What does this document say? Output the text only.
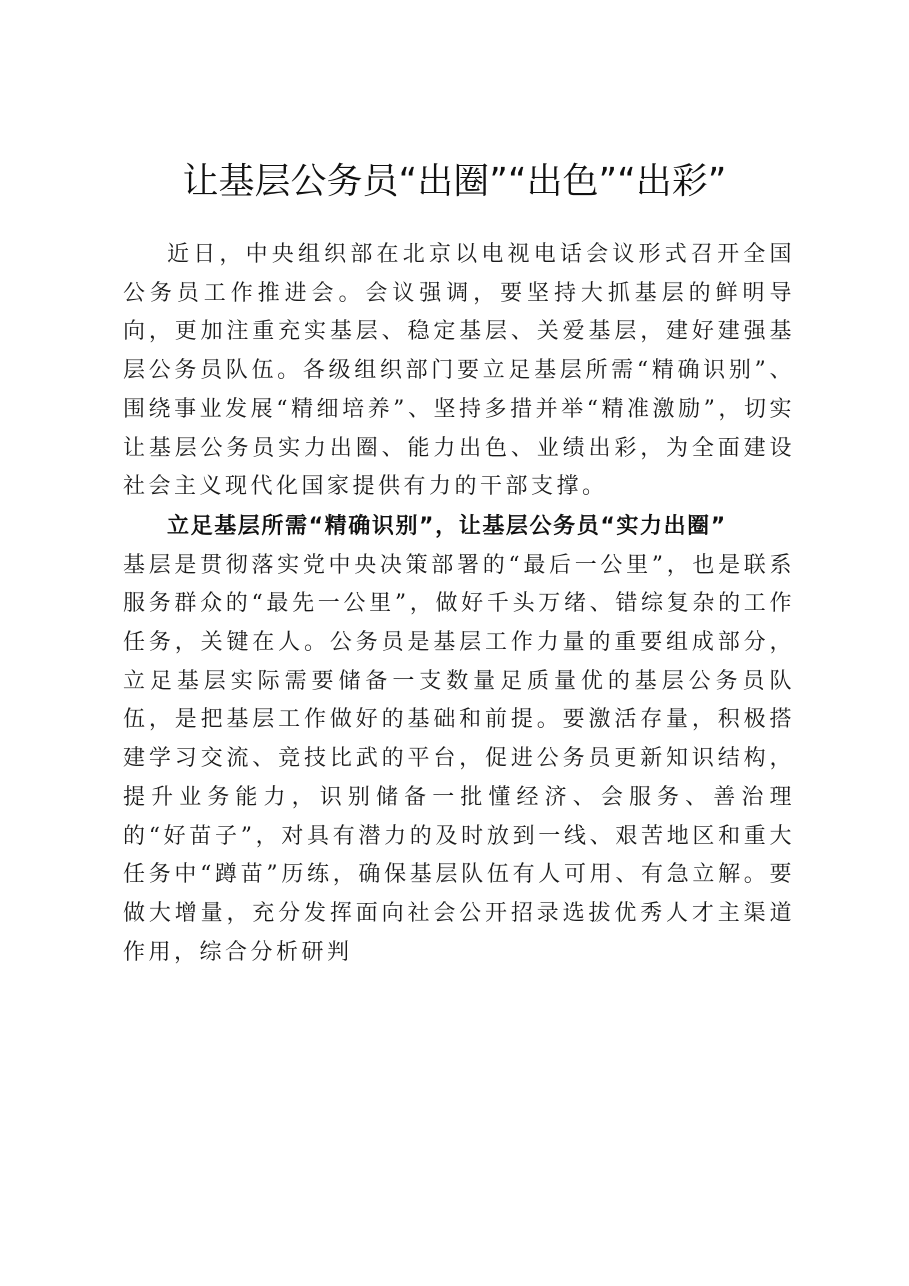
让基层公务员“出圈”“出色”“出彩”

近日，中央组织部在北京以电视电话会议形式召开全国公务员工作推进会。会议强调，要坚持大抓基层的鲜明导向，更加注重充实基层、稳定基层、关爱基层，建好建强基层公务员队伍。各级组织部门要立足基层所需“精确识别”、围绕事业发展“精细培养”、坚持多措并举“精准激励”，切实让基层公务员实力出圈、能力出色、业绩出彩，为全面建设社会主义现代化国家提供有力的干部支撑。

立足基层所需“精确识别”，让基层公务员“实力出圈”

基层是贯彻落实党中央决策部署的“最后一公里”，也是联系服务群众的“最先一公里”，做好千头万绪、错综复杂的工作任务，关键在人。公务员是基层工作力量的重要组成部分，立足基层实际需要储备一支数量足质量优的基层公务员队伍，是把基层工作做好的基础和前提。要激活存量，积极搭建学习交流、竞技比武的平台，促进公务员更新知识结构，提升业务能力，识别储备一批懂经济、会服务、善治理的“好苗子”，对具有潜力的及时放到一线、艰苦地区和重大任务中“蹲苗”历练，确保基层队伍有人可用、有急立解。要做大增量，充分发挥面向社会公开招录选拔优秀人才主渠道作用，综合分析研判
